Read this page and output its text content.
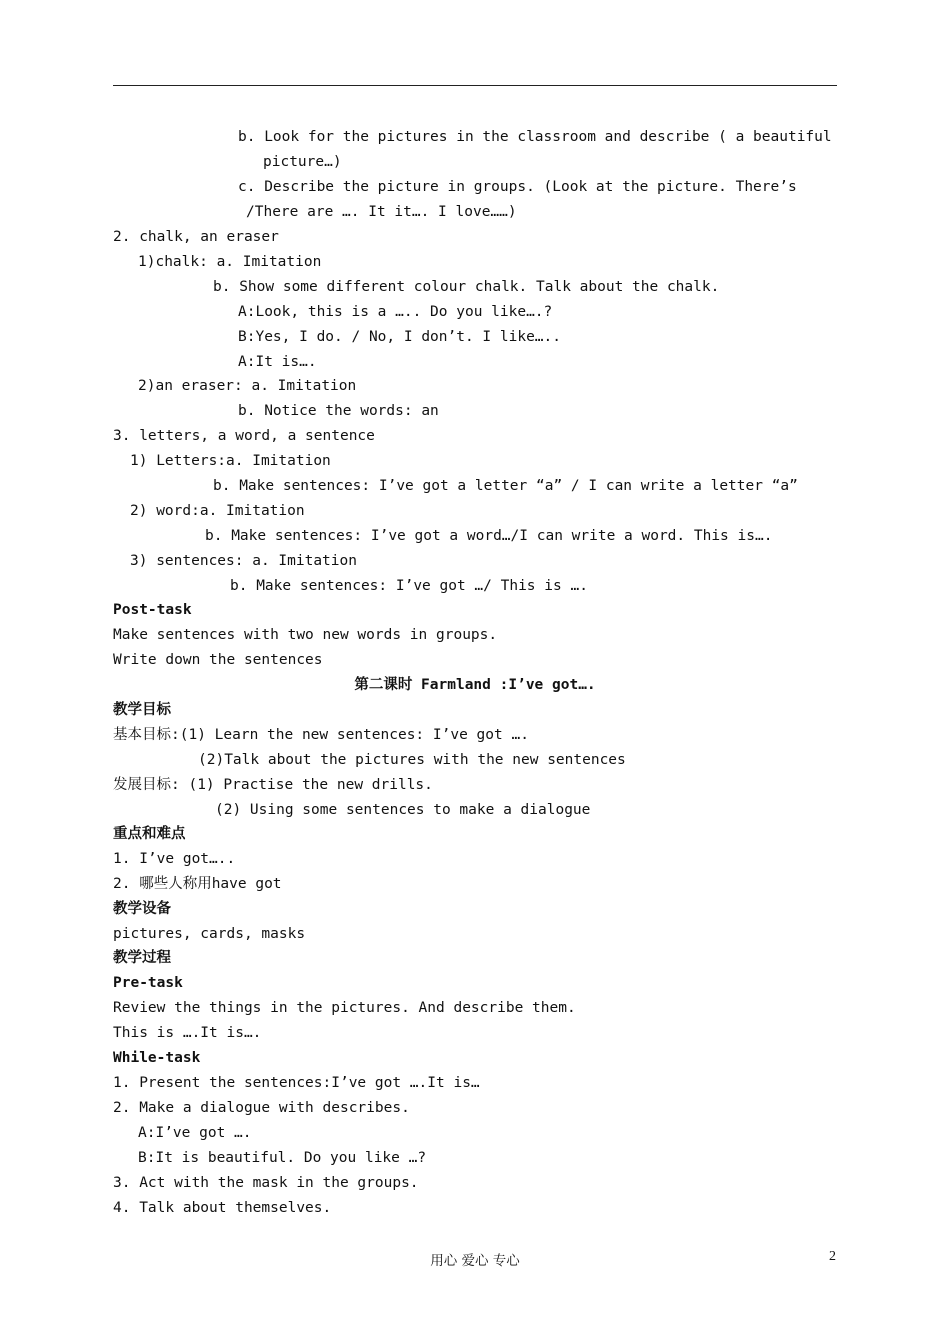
b. Look for the pictures in the classroom and describe ( a beautiful
picture…)
c. Describe the picture in groups. (Look at the picture. There’s
/There are …. It it…. I love……)
2. chalk, an eraser
1)chalk: a. Imitation
b. Show some different colour chalk. Talk about the chalk.
A:Look, this is a ….. Do you like….?
B:Yes, I do. / No, I don’t. I like…..
A:It is….
2)an eraser: a. Imitation
b. Notice the words: an
3. letters, a word, a sentence
1) Letters:a. Imitation
b. Make sentences: I’ve got a letter “a” / I can write a letter “a”
2) word:a. Imitation
b. Make sentences: I’ve got a word…/I can write a word. This is….
3) sentences: a. Imitation
b. Make sentences: I’ve got …/ This is ….
Post-task
Make sentences with two new words in groups.
Write down the sentences
第二课时 Farmland :I’ve got….
教学目标
基本目标:(1) Learn the new sentences: I’ve got ….
(2)Talk about the pictures with the new sentences
发展目标: (1) Practise the new drills.
(2) Using some sentences to make a dialogue
重点和难点
1. I’ve got…..
2. 哪些人称用have got
教学设备
pictures, cards, masks
教学过程
Pre-task
Review the things in the pictures. And describe them.
This is ….It is….
While-task
1. Present the sentences:I’ve got ….It is…
2. Make a dialogue with describes.
A:I’ve got ….
B:It is beautiful. Do you like …?
3. Act with the mask in the groups.
4. Talk about themselves.
用心 爱心 专心	2
